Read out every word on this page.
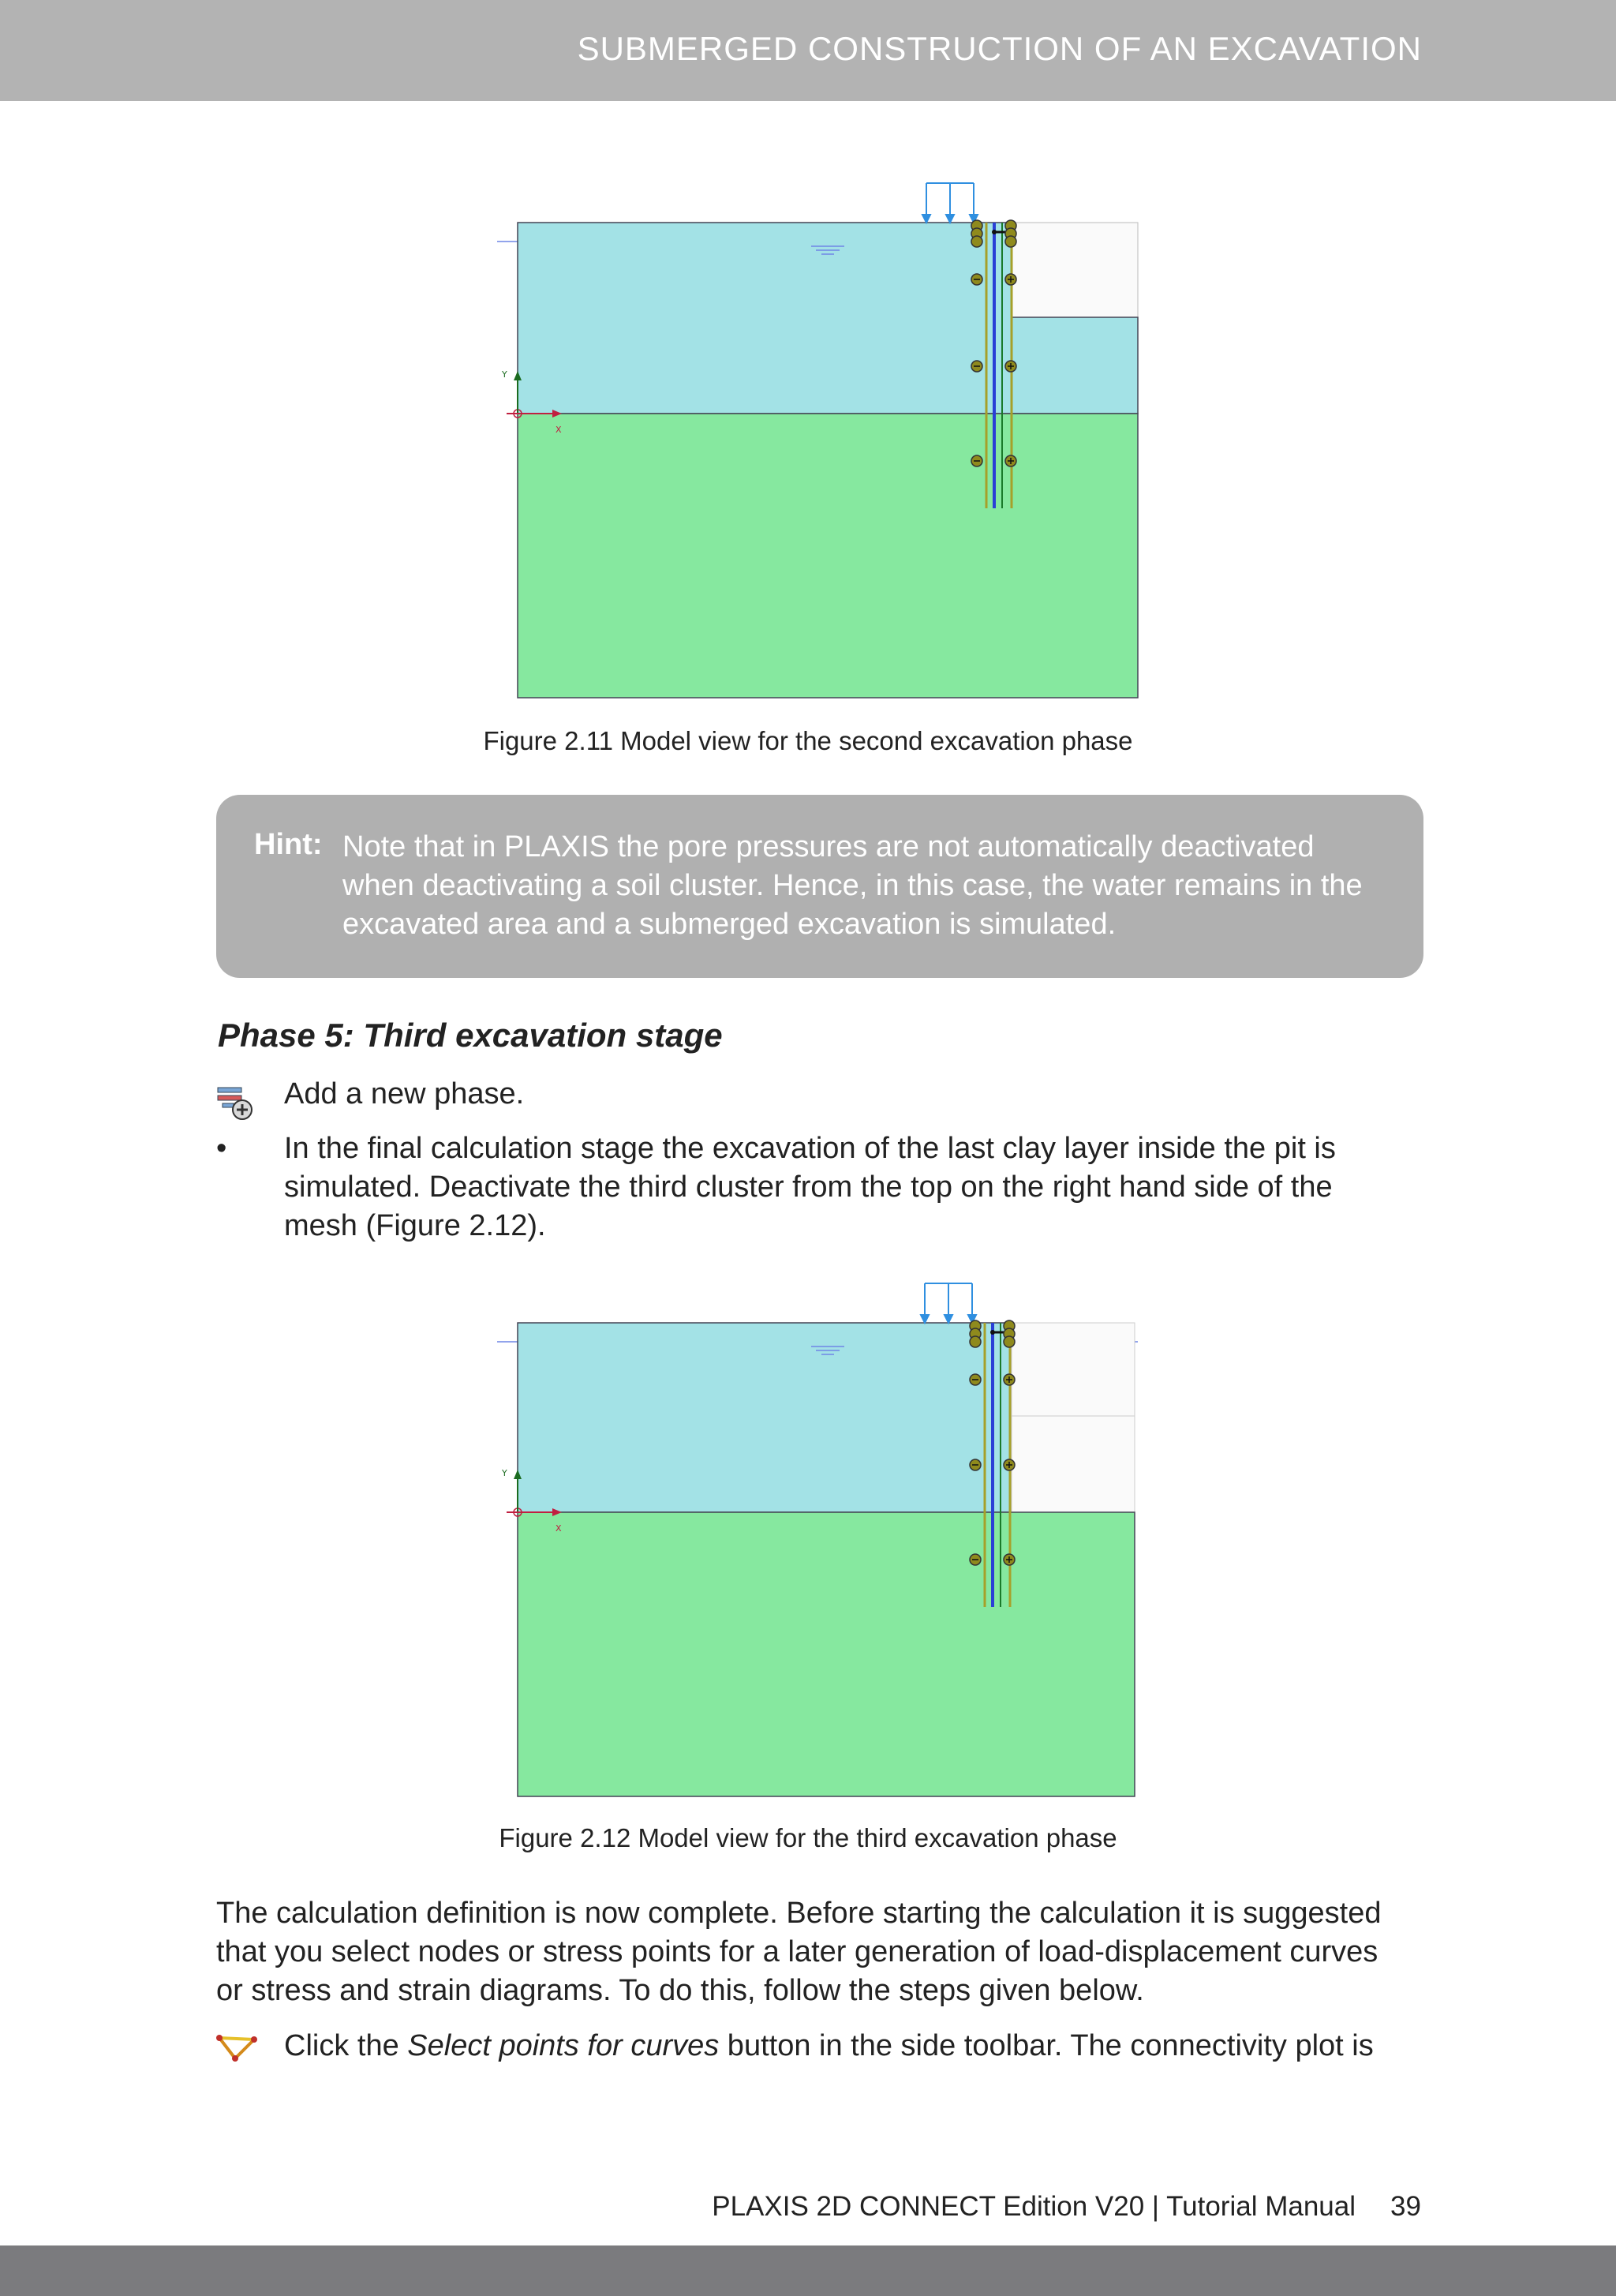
SUBMERGED CONSTRUCTION OF AN EXCAVATION
Y
X
Figure 2.11 Model view for the second excavation phase
Hint: Note that in PLAXIS the pore pressures are not automatically deactivated
when deactivating a soil cluster. Hence, in this case, the water remains in the
excavated area and a submerged excavation is simulated.
Phase 5: Third excavation stage
Add a new phase.
• In the final calculation stage the excavation of the last clay layer inside the pit is
simulated. Deactivate the third cluster from the top on the right hand side of the
mesh (Figure 2.12).
Y
X
Figure 2.12 Model view for the third excavation phase
The calculation definition is now complete. Before starting the calculation it is suggested
that you select nodes or stress points for a later generation of load-displacement curves
or stress and strain diagrams. To do this, follow the steps given below.
Click the Select points for curves button in the side toolbar. The connectivity plot is
PLAXIS 2D CONNECT Edition V20 | Tutorial Manual 39
